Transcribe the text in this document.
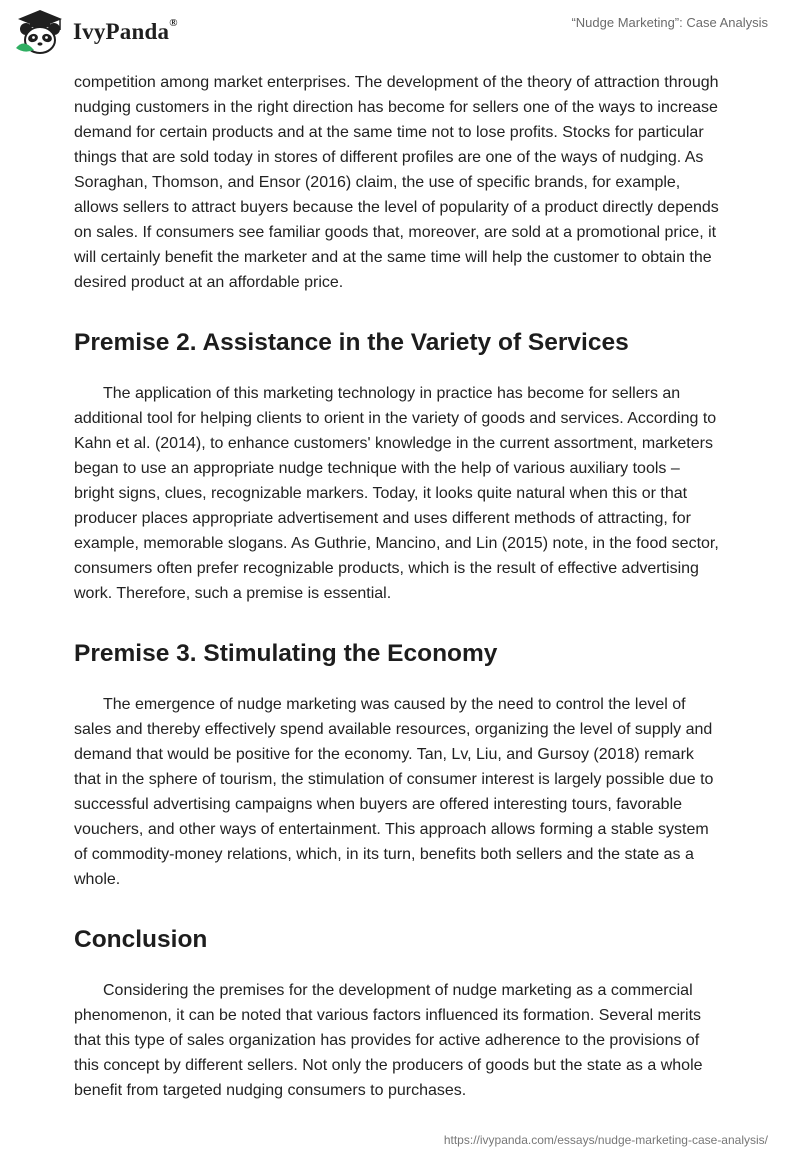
IvyPanda®	“Nudge Marketing”: Case Analysis

competition among market enterprises. The development of the theory of attraction through nudging customers in the right direction has become for sellers one of the ways to increase demand for certain products and at the same time not to lose profits. Stocks for particular things that are sold today in stores of different profiles are one of the ways of nudging. As Soraghan, Thomson, and Ensor (2016) claim, the use of specific brands, for example, allows sellers to attract buyers because the level of popularity of a product directly depends on sales. If consumers see familiar goods that, moreover, are sold at a promotional price, it will certainly benefit the marketer and at the same time will help the customer to obtain the desired product at an affordable price.

Premise 2. Assistance in the Variety of Services

The application of this marketing technology in practice has become for sellers an additional tool for helping clients to orient in the variety of goods and services. According to Kahn et al. (2014), to enhance customers' knowledge in the current assortment, marketers began to use an appropriate nudge technique with the help of various auxiliary tools – bright signs, clues, recognizable markers. Today, it looks quite natural when this or that producer places appropriate advertisement and uses different methods of attracting, for example, memorable slogans. As Guthrie, Mancino, and Lin (2015) note, in the food sector, consumers often prefer recognizable products, which is the result of effective advertising work. Therefore, such a premise is essential.

Premise 3. Stimulating the Economy

The emergence of nudge marketing was caused by the need to control the level of sales and thereby effectively spend available resources, organizing the level of supply and demand that would be positive for the economy. Tan, Lv, Liu, and Gursoy (2018) remark that in the sphere of tourism, the stimulation of consumer interest is largely possible due to successful advertising campaigns when buyers are offered interesting tours, favorable vouchers, and other ways of entertainment. This approach allows forming a stable system of commodity-money relations, which, in its turn, benefits both sellers and the state as a whole.

Conclusion

Considering the premises for the development of nudge marketing as a commercial phenomenon, it can be noted that various factors influenced its formation. Several merits that this type of sales organization has provides for active adherence to the provisions of this concept by different sellers. Not only the producers of goods but the state as a whole benefit from targeted nudging consumers to purchases.

https://ivypanda.com/essays/nudge-marketing-case-analysis/
